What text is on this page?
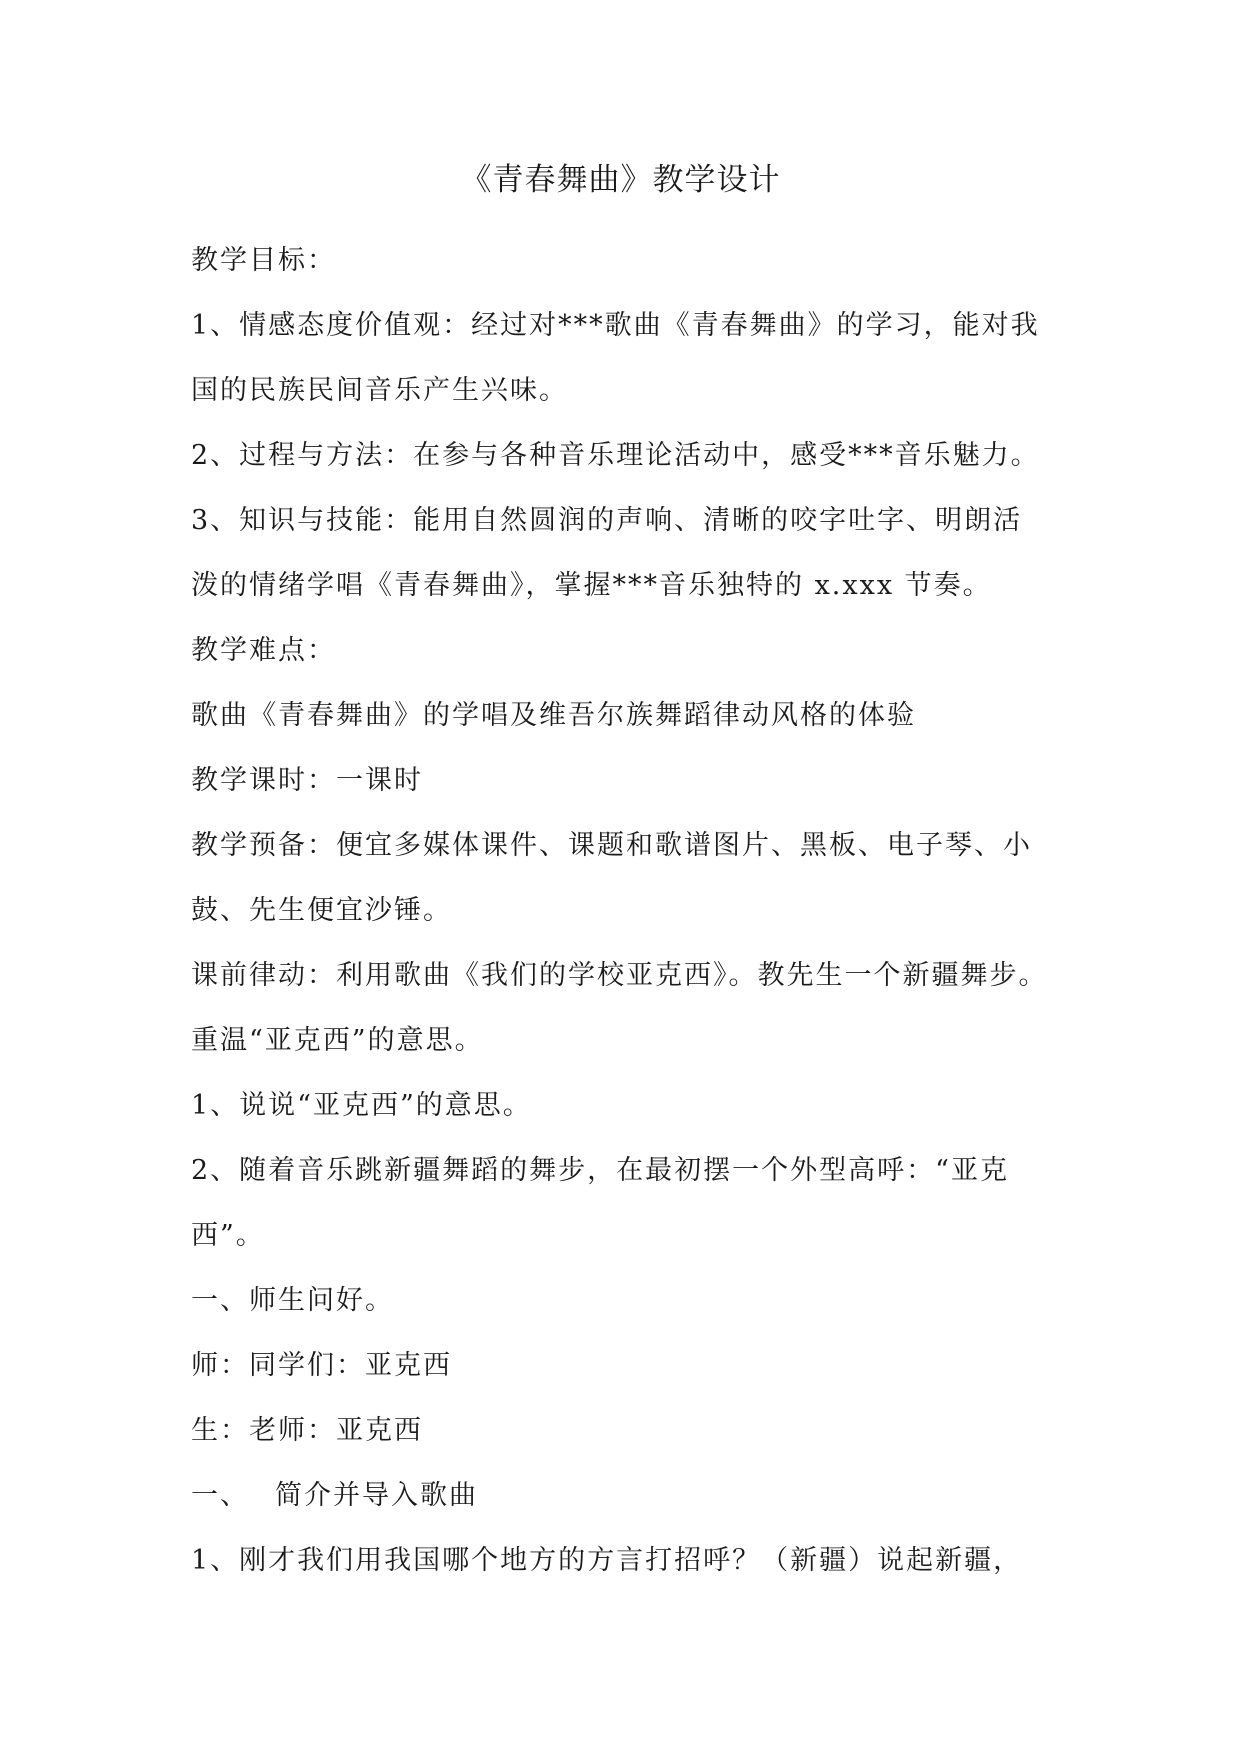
《青春舞曲》教学设计
教学目标：
1、情感态度价值观：经过对***歌曲《青春舞曲》的学习，能对我
国的民族民间音乐产生兴味。
2、过程与方法：在参与各种音乐理论活动中，感受***音乐魅力。
3、知识与技能：能用自然圆润的声响、清晰的咬字吐字、明朗活
泼的情绪学唱《青春舞曲》，掌握***音乐独特的 x.xxx 节奏。
教学难点：
歌曲《青春舞曲》的学唱及维吾尔族舞蹈律动风格的体验
教学课时：一课时
教学预备：便宜多媒体课件、课题和歌谱图片、黑板、电子琴、小
鼓、先生便宜沙锤。
课前律动：利用歌曲《我们的学校亚克西》。教先生一个新疆舞步。
重温“亚克西”的意思。
1、说说“亚克西”的意思。
2、随着音乐跳新疆舞蹈的舞步，在最初摆一个外型高呼：“亚克
西”。
一、师生问好。
师：同学们：亚克西
生：老师：亚克西
一、 简介并导入歌曲
1、刚才我们用我国哪个地方的方言打招呼？（新疆）说起新疆，
